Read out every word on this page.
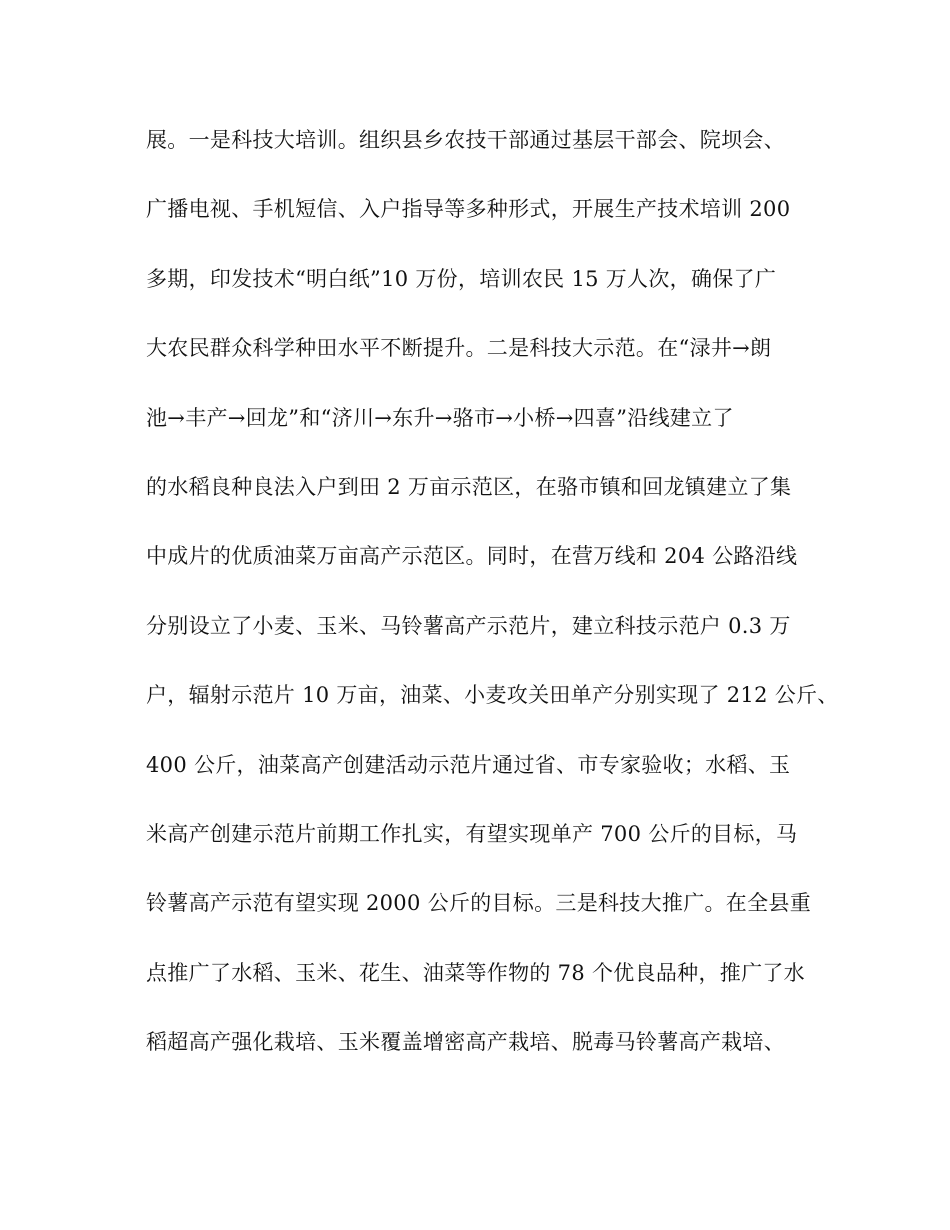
展。一是科技大培训。组织县乡农技干部通过基层干部会、院坝会、
广播电视、手机短信、入户指导等多种形式，开展生产技术培训 200
多期，印发技术“明白纸”10 万份，培训农民 15 万人次，确保了广
大农民群众科学种田水平不断提升。二是科技大示范。在“渌井→朗
池→丰产→回龙”和“济川→东升→骆市→小桥→四喜”沿线建立了
的水稻良种良法入户到田 2 万亩示范区，在骆市镇和回龙镇建立了集
中成片的优质油菜万亩高产示范区。同时，在营万线和 204 公路沿线
分别设立了小麦、玉米、马铃薯高产示范片，建立科技示范户 0.3 万
户，辐射示范片 10 万亩，油菜、小麦攻关田单产分别实现了 212 公斤、
400 公斤，油菜高产创建活动示范片通过省、市专家验收；水稻、玉
米高产创建示范片前期工作扎实，有望实现单产 700 公斤的目标，马
铃薯高产示范有望实现 2000 公斤的目标。三是科技大推广。在全县重
点推广了水稻、玉米、花生、油菜等作物的 78 个优良品种，推广了水
稻超高产强化栽培、玉米覆盖增密高产栽培、脱毒马铃薯高产栽培、
